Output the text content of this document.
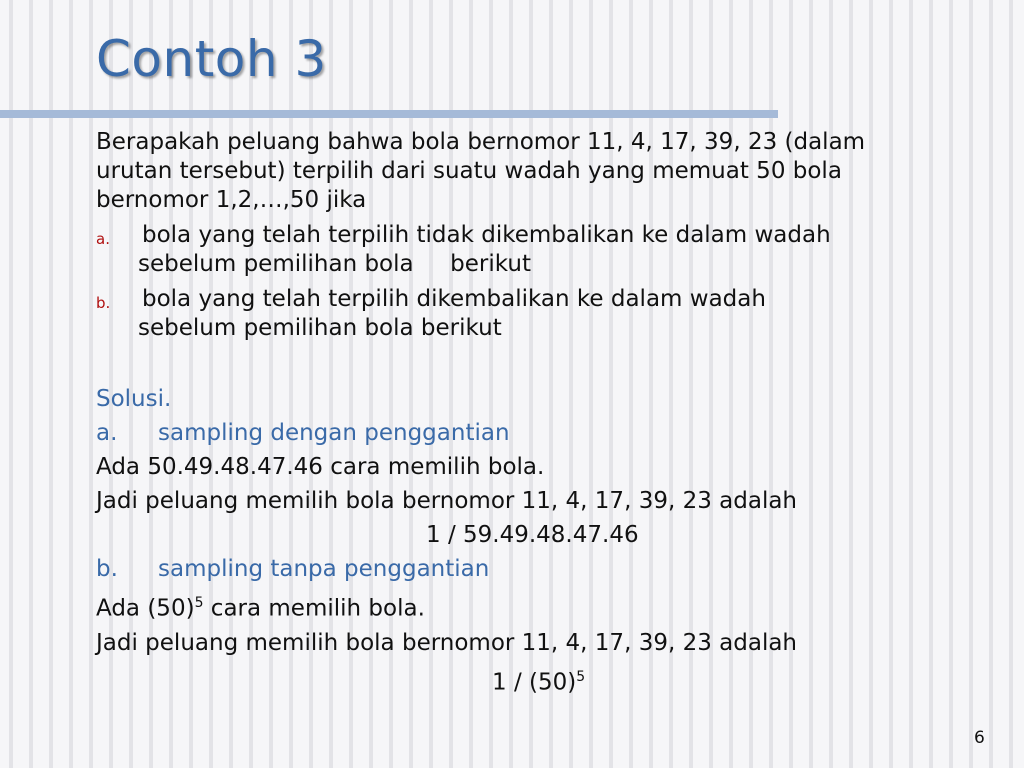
Contoh 3

Berapakah peluang bahwa bola bernomor 11, 4, 17, 39, 23 (dalam
urutan tersebut) terpilih dari suatu wadah yang memuat 50 bola
bernomor 1,2,…,50 jika

a. bola yang telah terpilih tidak dikembalikan ke dalam wadah
sebelum pemilihan bola     berikut
b. bola yang telah terpilih dikembalikan ke dalam wadah
sebelum pemilihan bola berikut

Solusi.

a. sampling dengan penggantian

Ada 50.49.48.47.46 cara memilih bola.

Jadi peluang memilih bola bernomor 11, 4, 17, 39, 23 adalah

1 / 59.49.48.47.46

b. sampling tanpa penggantian

Ada $(50)^5$ cara memilih bola.

Jadi peluang memilih bola bernomor 11, 4, 17, 39, 23 adalah

$1 / (50)^5$

6
